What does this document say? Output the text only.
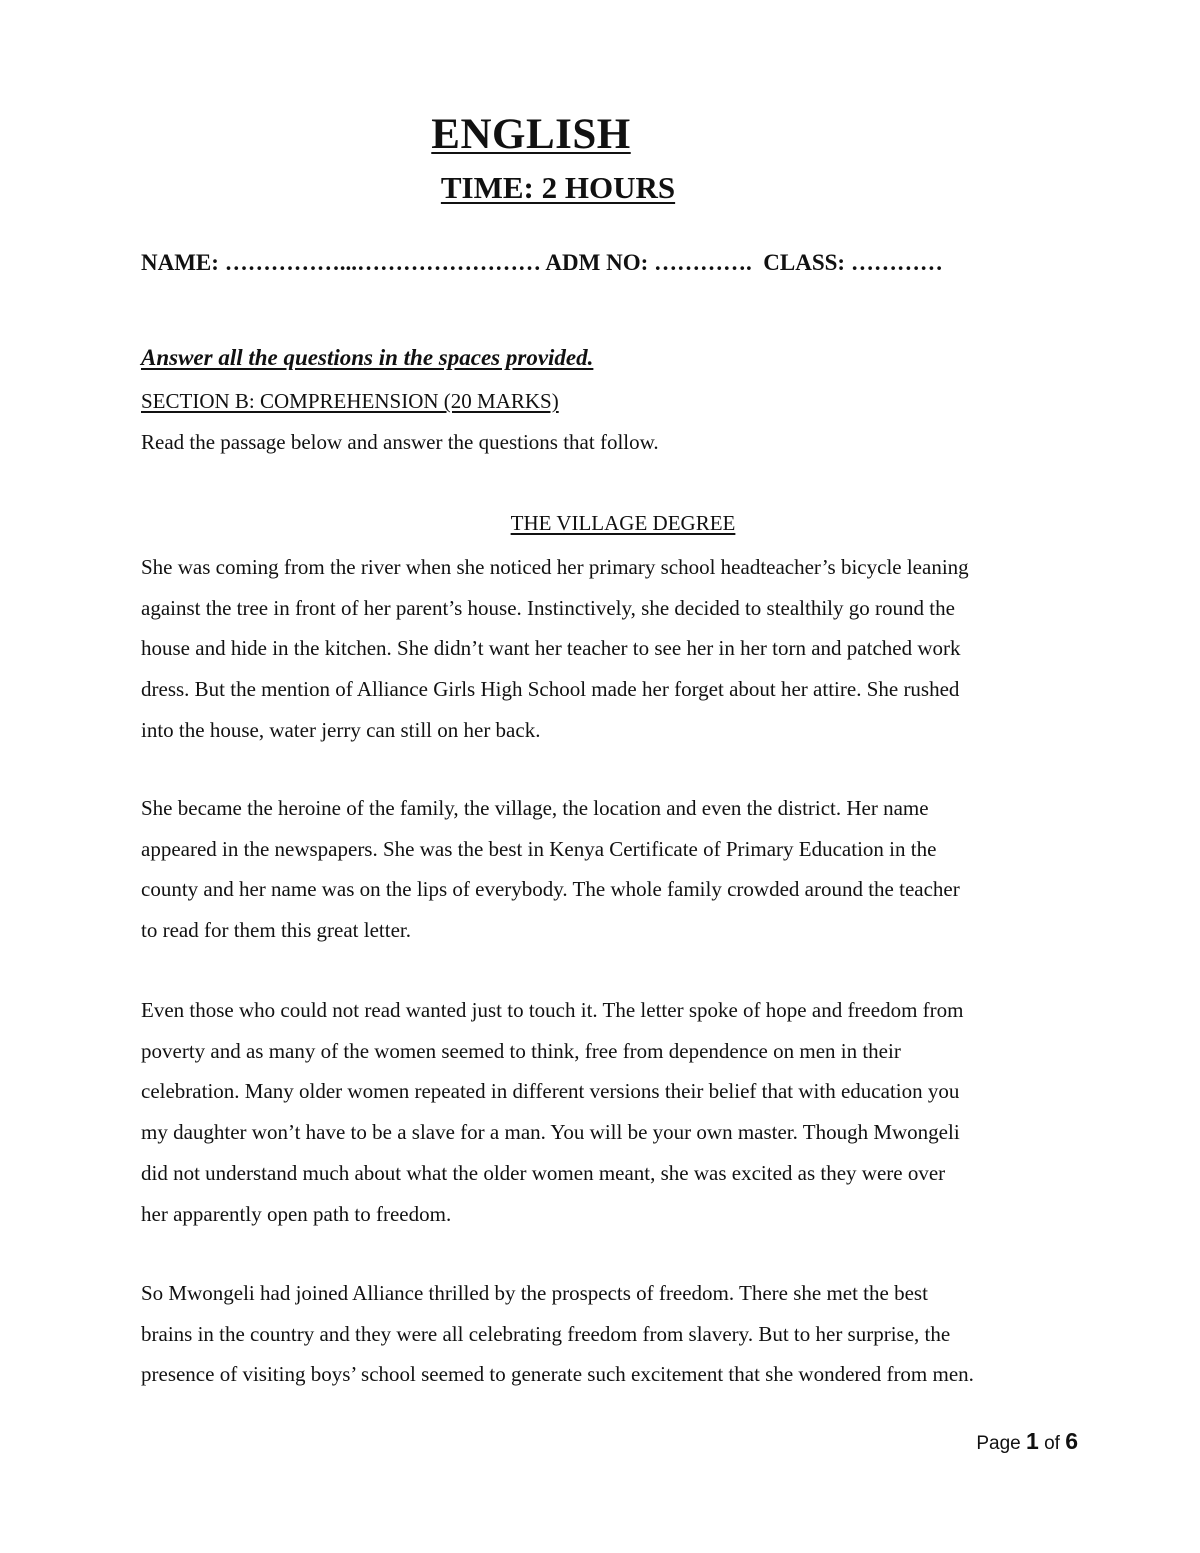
ENGLISH
TIME: 2 HOURS
NAME: ……………...…………………… ADM NO: ………….  CLASS: …………
Answer all the questions in the spaces provided.
SECTION B: COMPREHENSION (20 MARKS)
Read the passage below and answer the questions that follow.
THE VILLAGE DEGREE

She was coming from the river when she noticed her primary school headteacher’s bicycle leaning
against the tree in front of her parent’s house. Instinctively, she decided to stealthily go round the
house and hide in the kitchen. She didn’t want her teacher to see her in her torn and patched work
dress. But the mention of Alliance Girls High School made her forget about her attire. She rushed
into the house, water jerry can still on her back.

She became the heroine of the family, the village, the location and even the district. Her name
appeared in the newspapers. She was the best in Kenya Certificate of Primary Education in the
county and her name was on the lips of everybody. The whole family crowded around the teacher
to read for them this great letter.

Even those who could not read wanted just to touch it. The letter spoke of hope and freedom from
poverty and as many of the women seemed to think, free from dependence on men in their
celebration. Many older women repeated in different versions their belief that with education you
my daughter won’t have to be a slave for a man. You will be your own master. Though Mwongeli
did not understand much about what the older women meant, she was excited as they were over
her apparently open path to freedom.

So Mwongeli had joined Alliance thrilled by the prospects of freedom. There she met the best
brains in the country and they were all celebrating freedom from slavery. But to her surprise, the
presence of visiting boys’ school seemed to generate such excitement that she wondered from men.

Page 1 of 6
